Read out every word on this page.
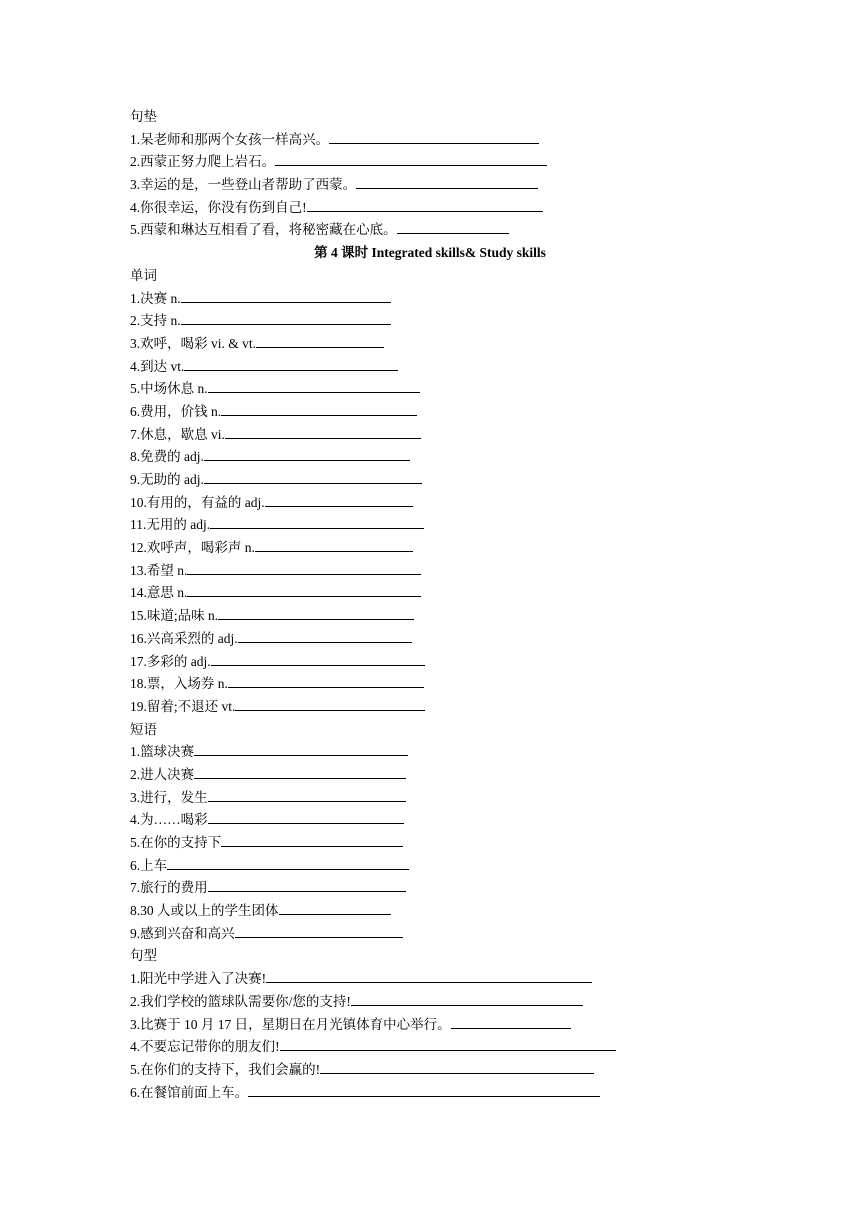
句垫
1.呆老师和那两个女孩一样高兴。
2.西蒙正努力爬上岩石。
3.幸运的是，一些登山者帮助了西蒙。
4.你很幸运，你没有伤到自己!
5.西蒙和琳达互相看了看，将秘密藏在心底。
第 4 课时 Integrated skills& Study skills
单词
1.决赛 n.
2.支持 n.
3.欢呼，喝彩 vi. & vt.
4.到达 vt.
5.中场休息 n.
6.费用，价钱 n.
7.休息，歇息 vi.
8.免费的 adj.
9.无助的 adj.
10.有用的，有益的 adj.
11.无用的 adj.
12.欢呼声，喝彩声 n.
13.希望 n.
14.意思 n.
15.味道;品味 n.
16.兴高采烈的 adj.
17.多彩的 adj.
18.票，入场券 n.
19.留着;不退还 vt.
短语
1.篮球决赛
2.进人决赛
3.进行，发生
4.为……喝彩
5.在你的支持下
6.上车
7.旅行的费用
8.30 人或以上的学生团体
9.感到兴奋和高兴
句型
1.阳光中学进入了决赛!
2.我们学校的篮球队需要你/您的支持!
3.比赛于 10 月 17 日，星期日在月光镇体育中心举行。
4.不要忘记带你的朋友们!
5.在你们的支持下，我们会赢的!
6.在餐馆前面上车。
